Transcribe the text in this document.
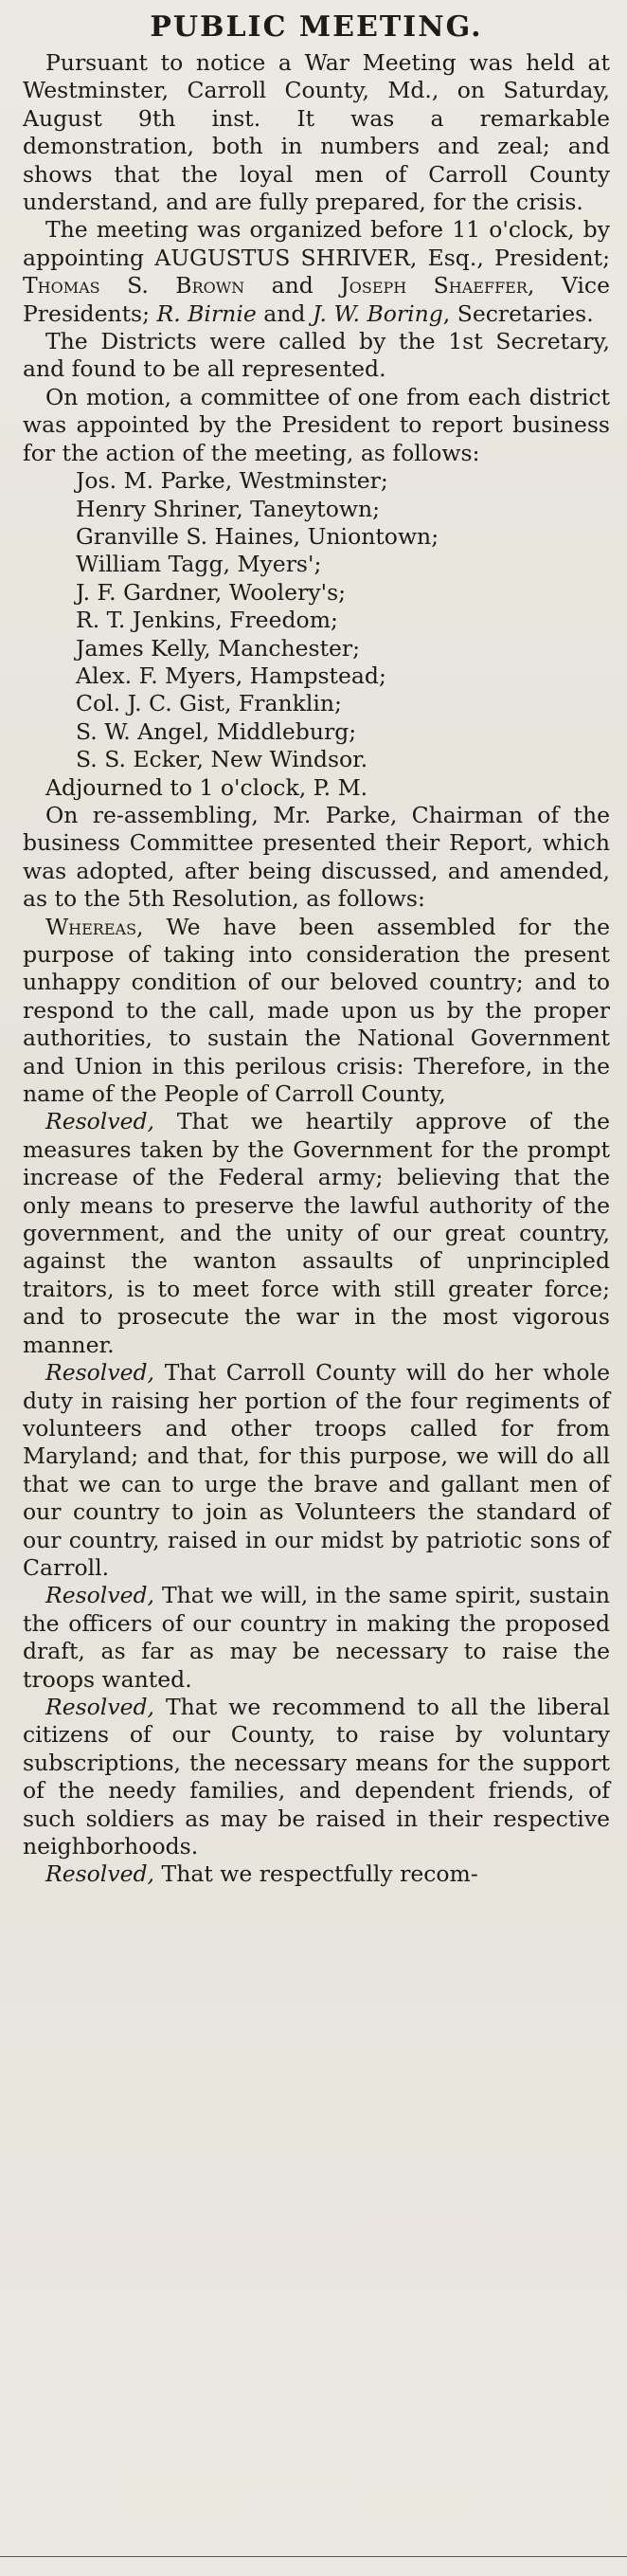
PUBLIC MEETING.

Pursuant to notice a War Meeting was held at Westminster, Carroll County, Md., on Saturday, August 9th inst. It was a remarkable demonstration, both in numbers and zeal; and shows that the loyal men of Carroll County understand, and are fully prepared, for the crisis.

The meeting was organized before 11 o'clock, by appointing AUGUSTUS SHRIVER, Esq., President; Thomas S. Brown and Joseph Shaeffer, Vice Presidents; R. Birnie and J. W. Boring, Secretaries.

The Districts were called by the 1st Secretary, and found to be all represented.

On motion, a committee of one from each district was appointed by the President to report business for the action of the meeting, as follows:

Jos. M. Parke, Westminster;
Henry Shriner, Taneytown;
Granville S. Haines, Uniontown;
William Tagg, Myers';
J. F. Gardner, Woolery's;
R. T. Jenkins, Freedom;
James Kelly, Manchester;
Alex. F. Myers, Hampstead;
Col. J. C. Gist, Franklin;
S. W. Angel, Middleburg;
S. S. Ecker, New Windsor.

Adjourned to 1 o'clock, P. M.

On re-assembling, Mr. Parke, Chairman of the business Committee presented their Report, which was adopted, after being discussed, and amended, as to the 5th Resolution, as follows:

Whereas, We have been assembled for the purpose of taking into consideration the present unhappy condition of our beloved country; and to respond to the call, made upon us by the proper authorities, to sustain the National Government and Union in this perilous crisis: Therefore, in the name of the People of Carroll County,

Resolved, That we heartily approve of the measures taken by the Government for the prompt increase of the Federal army; believing that the only means to preserve the lawful authority of the government, and the unity of our great country, against the wanton assaults of unprincipled traitors, is to meet force with still greater force; and to prosecute the war in the most vigorous manner.

Resolved, That Carroll County will do her whole duty in raising her portion of the four regiments of volunteers and other troops called for from Maryland; and that, for this purpose, we will do all that we can to urge the brave and gallant men of our country to join as Volunteers the standard of our country, raised in our midst by patriotic sons of Carroll.

Resolved, That we will, in the same spirit, sustain the officers of our country in making the proposed draft, as far as may be necessary to raise the troops wanted.

Resolved, That we recommend to all the liberal citizens of our County, to raise by voluntary subscriptions, the necessary means for the support of the needy families, and dependent friends, of such soldiers as may be raised in their respective neighborhoods.

Resolved, That we respectfully recom-
